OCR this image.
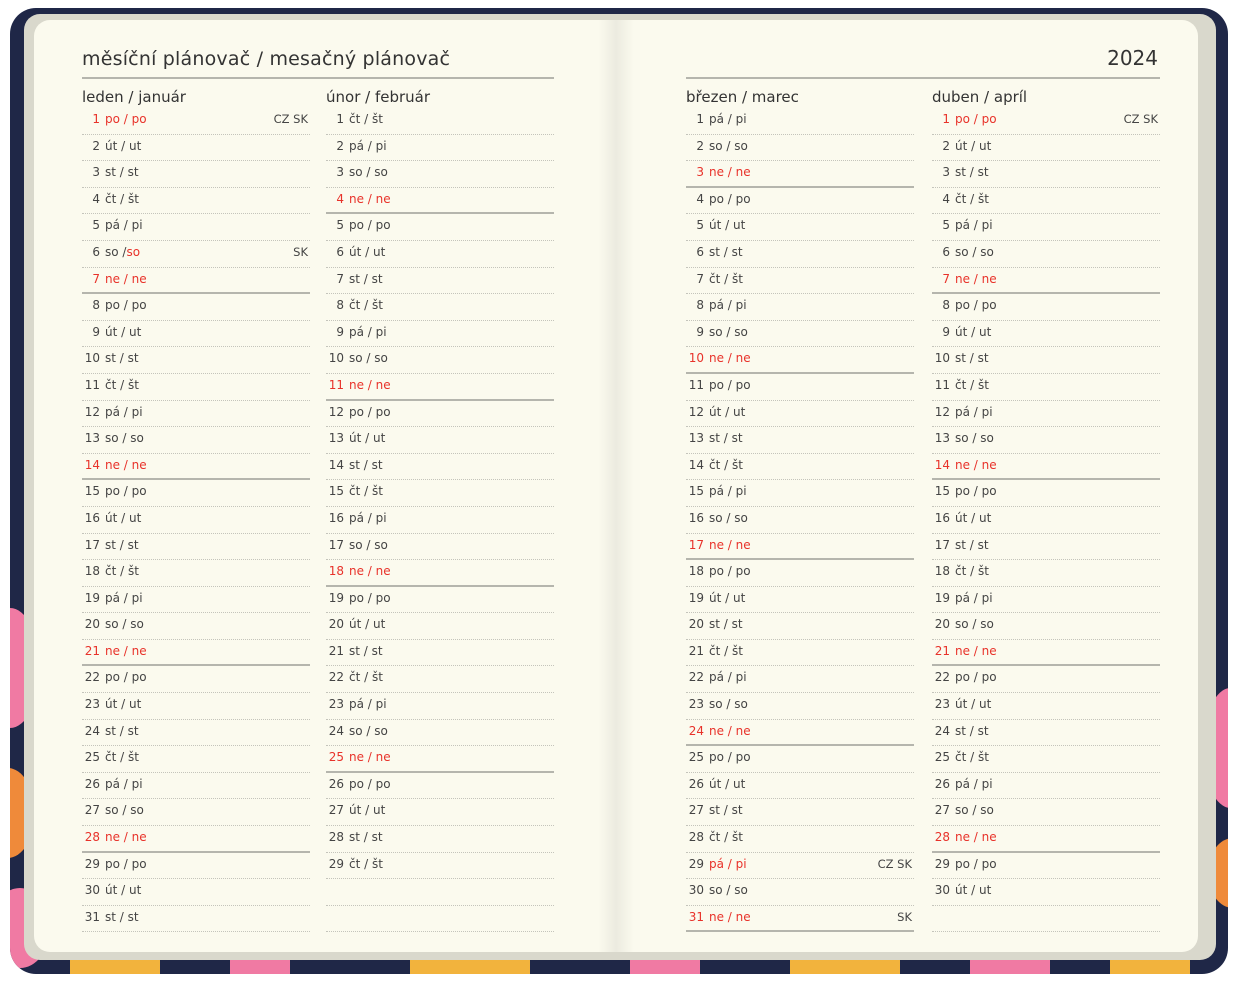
měsíční plánovač / mesačný plánovač	2024
leden / január
1 po / po	CZ SK
2 út / ut
3 st / st
4 čt / št
5 pá / pi
6 so /so	SK
7 ne / ne
8 po / po
9 út / ut
10 st / st
11 čt / št
12 pá / pi
13 so / so
14 ne / ne
15 po / po
16 út / ut
17 st / st
18 čt / št
19 pá / pi
20 so / so
21 ne / ne
22 po / po
23 út / ut
24 st / st
25 čt / št
26 pá / pi
27 so / so
28 ne / ne
29 po / po
30 út / ut
31 st / st
únor / február
1 čt / št
2 pá / pi
3 so / so
4 ne / ne
5 po / po
6 út / ut
7 st / st
8 čt / št
9 pá / pi
10 so / so
11 ne / ne
12 po / po
13 út / ut
14 st / st
15 čt / št
16 pá / pi
17 so / so
18 ne / ne
19 po / po
20 út / ut
21 st / st
22 čt / št
23 pá / pi
24 so / so
25 ne / ne
26 po / po
27 út / ut
28 st / st
29 čt / št
březen / marec
1 pá / pi
2 so / so
3 ne / ne
4 po / po
5 út / ut
6 st / st
7 čt / št
8 pá / pi
9 so / so
10 ne / ne
11 po / po
12 út / ut
13 st / st
14 čt / št
15 pá / pi
16 so / so
17 ne / ne
18 po / po
19 út / ut
20 st / st
21 čt / št
22 pá / pi
23 so / so
24 ne / ne
25 po / po
26 út / ut
27 st / st
28 čt / št
29 pá / pi	CZ SK
30 so / so
31 ne / ne	SK
duben / apríl
1 po / po	CZ SK
2 út / ut
3 st / st
4 čt / št
5 pá / pi
6 so / so
7 ne / ne
8 po / po
9 út / ut
10 st / st
11 čt / št
12 pá / pi
13 so / so
14 ne / ne
15 po / po
16 út / ut
17 st / st
18 čt / št
19 pá / pi
20 so / so
21 ne / ne
22 po / po
23 út / ut
24 st / st
25 čt / št
26 pá / pi
27 so / so
28 ne / ne
29 po / po
30 út / ut
